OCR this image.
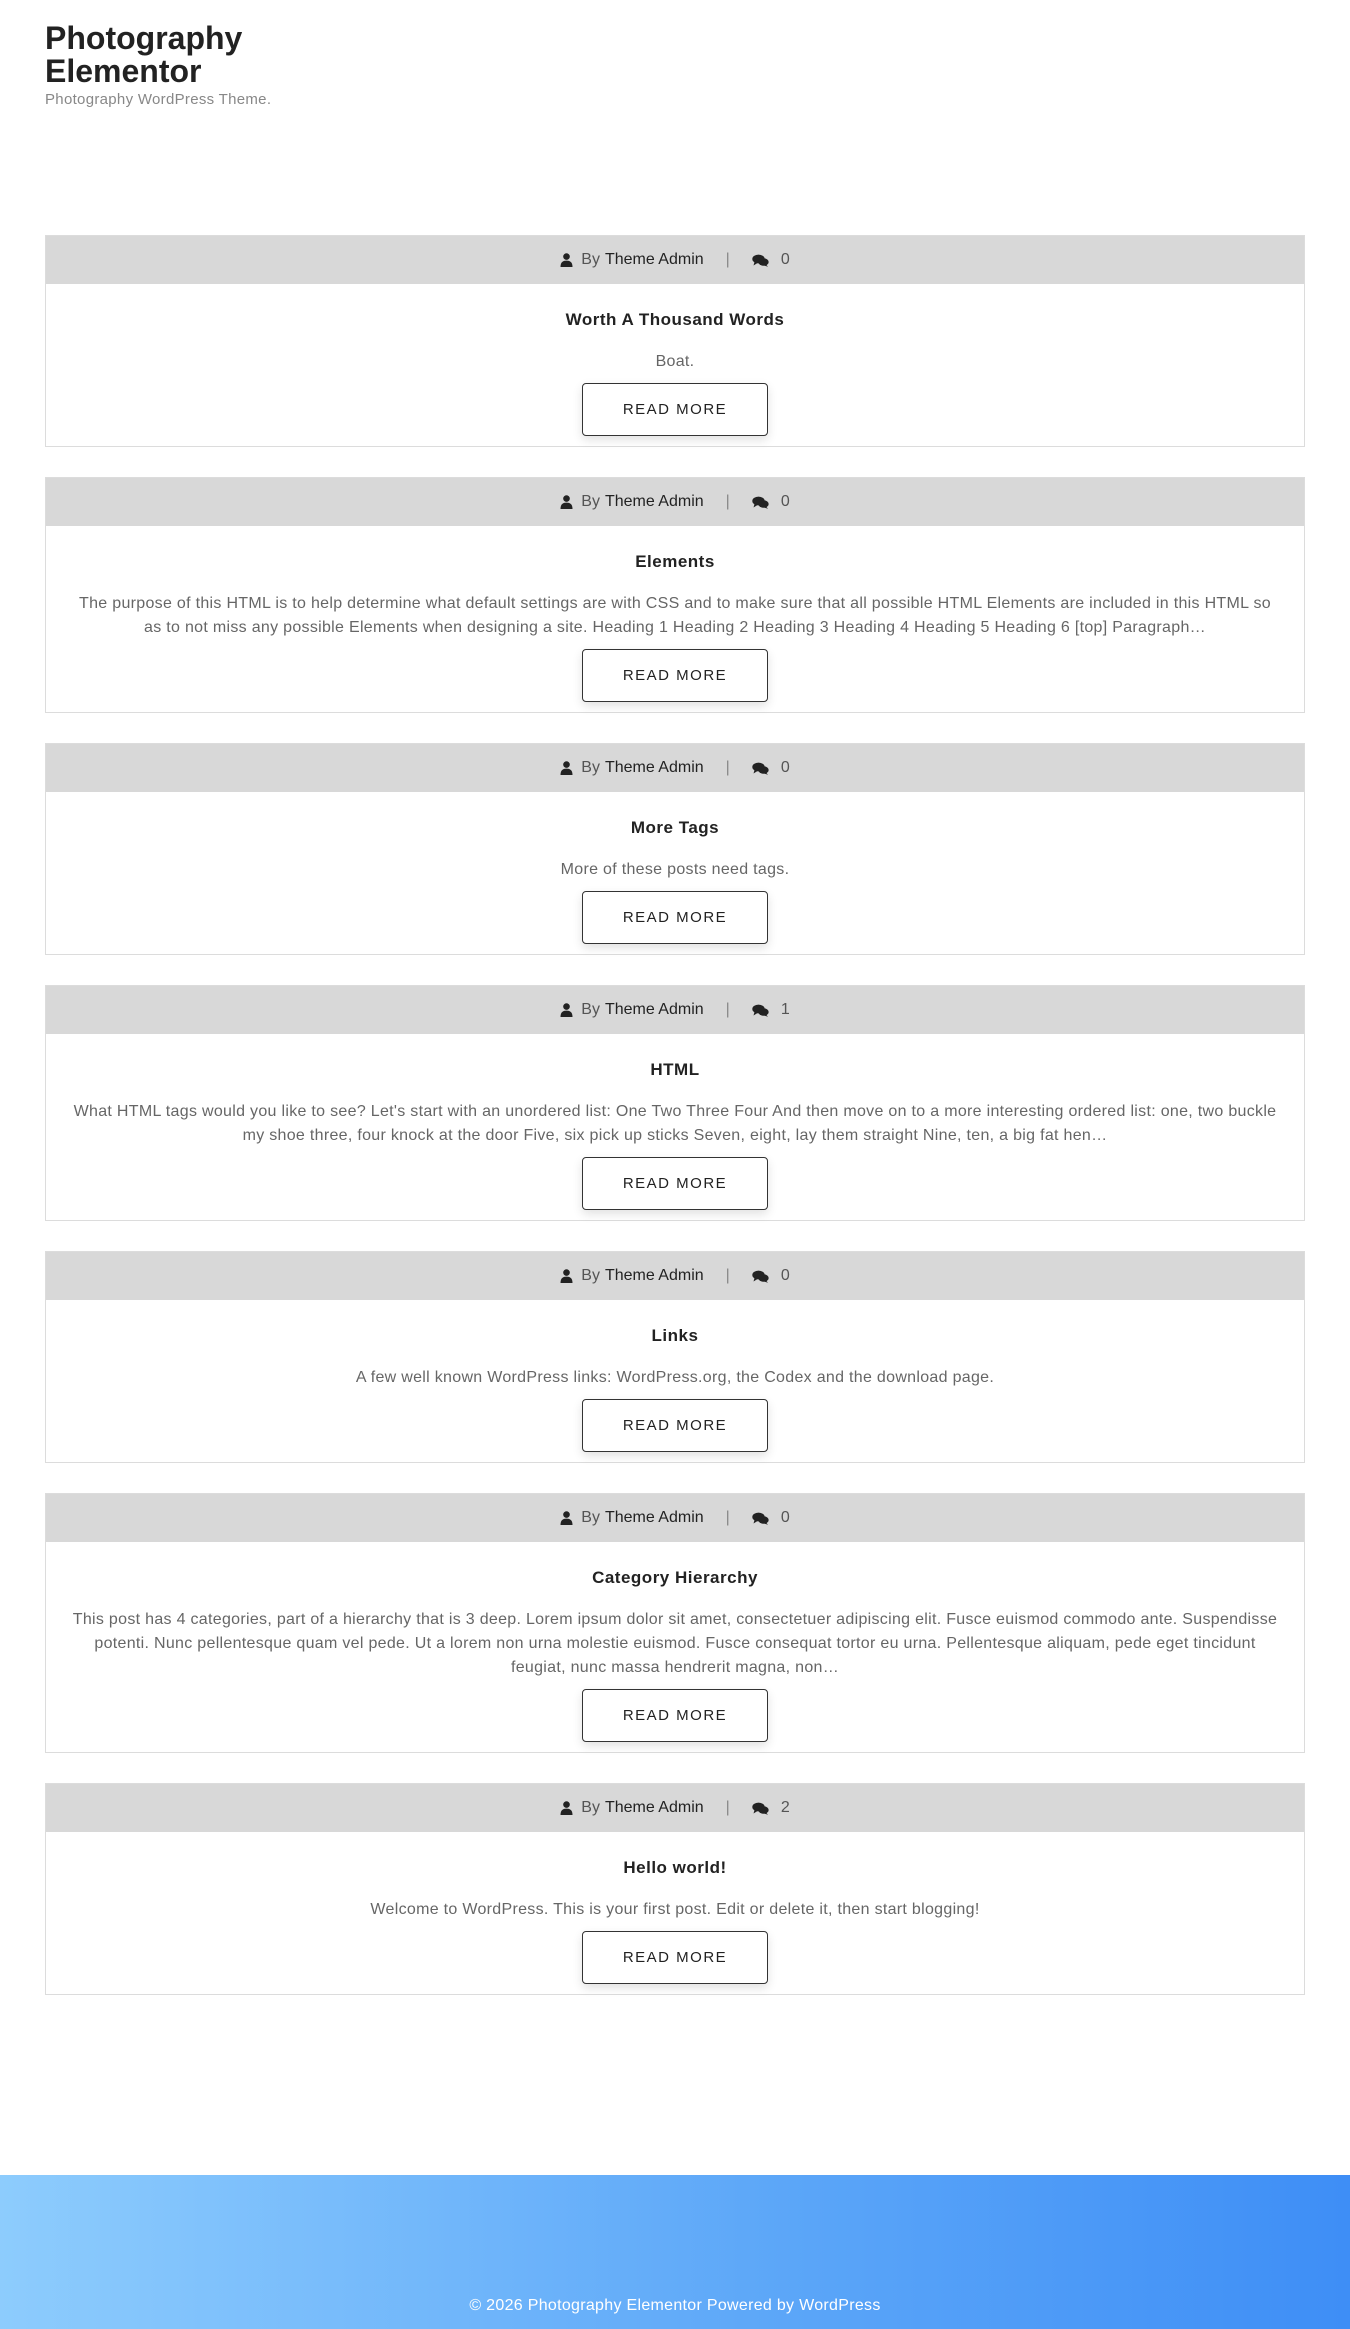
Photography Elementor
Photography WordPress Theme.
By Theme Admin |	0
Worth A Thousand Words

Boat.

READ MORE
By Theme Admin |	0
Elements

The purpose of this HTML is to help determine what default settings are with CSS and to make sure that all possible HTML Elements are included in this HTML so as to not miss any possible Elements when designing a site. Heading 1 Heading 2 Heading 3 Heading 4 Heading 5 Heading 6 [top] Paragraph…

READ MORE
By Theme Admin |	0
More Tags

More of these posts need tags.

READ MORE
By Theme Admin |	1
HTML

What HTML tags would you like to see? Let's start with an unordered list: One Two Three Four And then move on to a more interesting ordered list: one, two buckle my shoe three, four knock at the door Five, six pick up sticks Seven, eight, lay them straight Nine, ten, a big fat hen…

READ MORE
By Theme Admin |	0
Links

A few well known WordPress links: WordPress.org, the Codex and the download page.

READ MORE
By Theme Admin |	0
Category Hierarchy

This post has 4 categories, part of a hierarchy that is 3 deep. Lorem ipsum dolor sit amet, consectetuer adipiscing elit. Fusce euismod commodo ante. Suspendisse potenti. Nunc pellentesque quam vel pede. Ut a lorem non urna molestie euismod. Fusce consequat tortor eu urna. Pellentesque aliquam, pede eget tincidunt feugiat, nunc massa hendrerit magna, non…

READ MORE
By Theme Admin |	2
Hello world!

Welcome to WordPress. This is your first post. Edit or delete it, then start blogging!

READ MORE
© 2026 Photography Elementor Powered by WordPress
